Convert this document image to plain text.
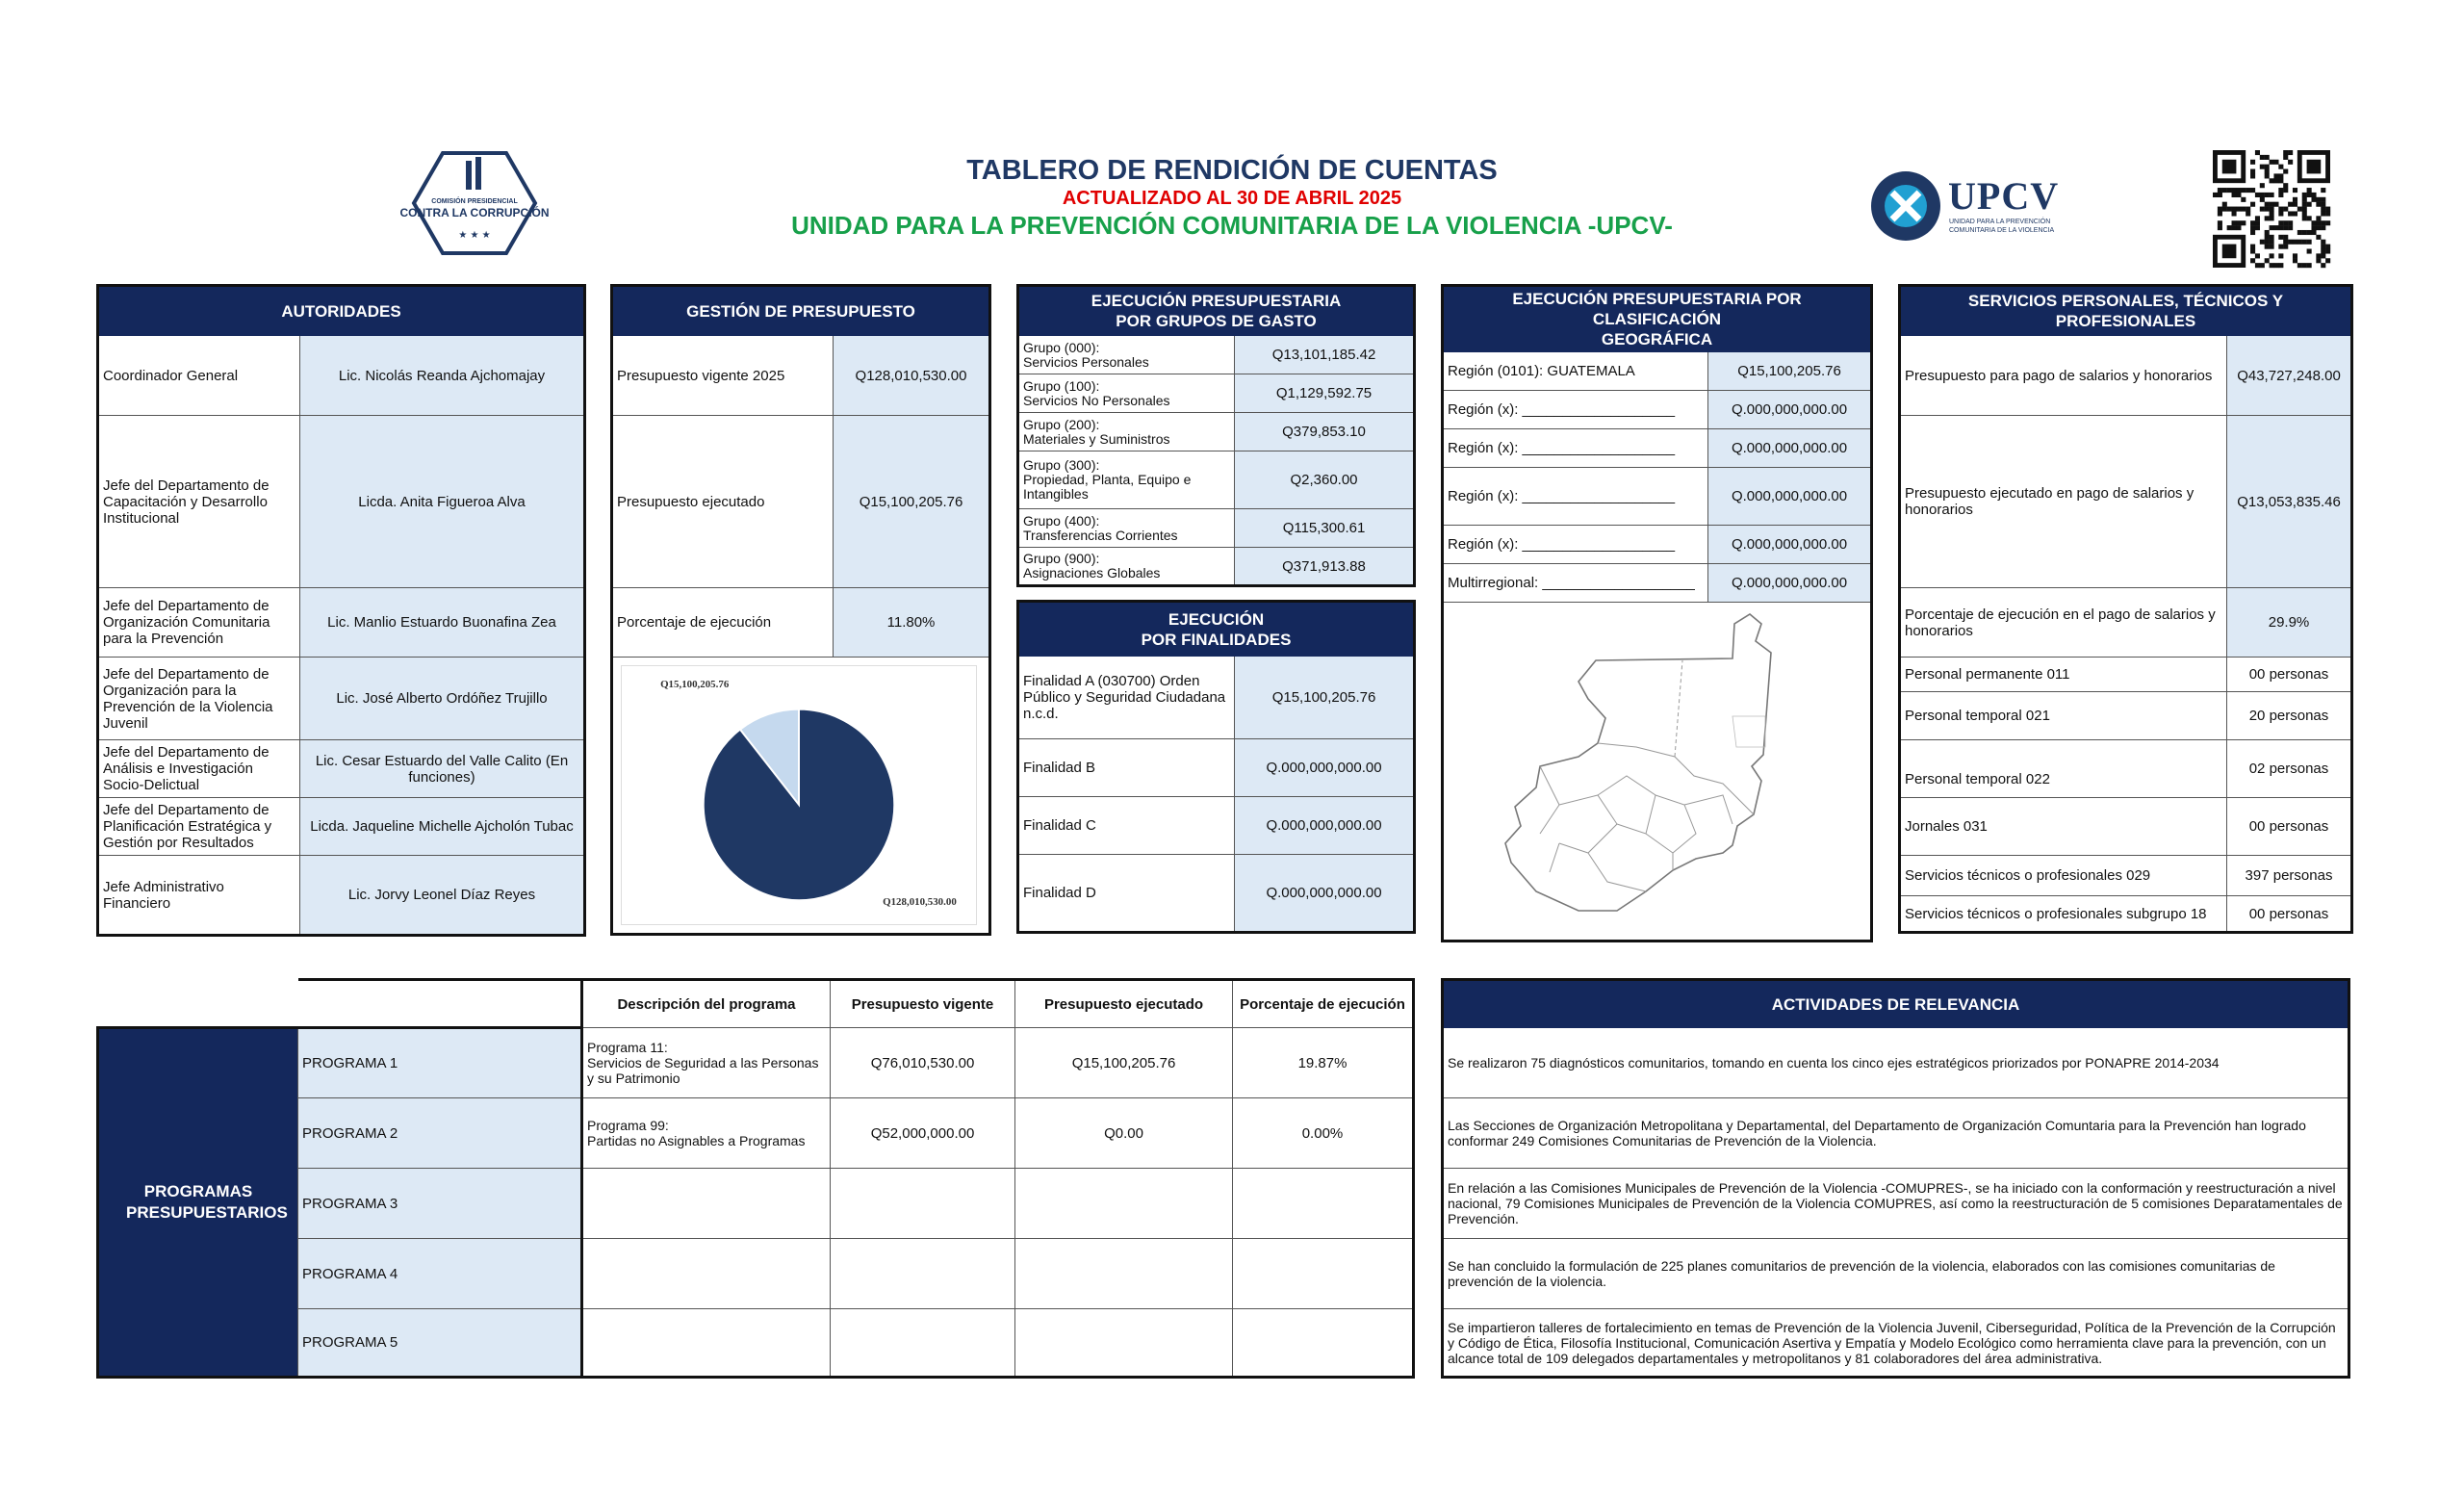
COMISIÓN PRESIDENCIAL
CONTRA LA CORRUPCIÓN
★ ★ ★
TABLERO DE RENDICIÓN DE CUENTAS
ACTUALIZADO AL 30 DE ABRIL 2025
UNIDAD PARA LA PREVENCIÓN COMUNITARIA DE LA VIOLENCIA -UPCV-
UPCV
UNIDAD PARA LA PREVENCIÓN COMUNITARIA DE LA VIOLENCIA
AUTORIDADES	
Coordinador General	Lic. Nicolás Reanda Ajchomajay
Jefe del Departamento de Capacitación y Desarrollo Institucional	Licda. Anita Figueroa Alva
Jefe del Departamento de Organización Comunitaria para la Prevención	Lic. Manlio Estuardo Buonafina Zea
Jefe del Departamento de Organización para la Prevención de la Violencia Juvenil	Lic. José Alberto Ordóñez Trujillo
Jefe del Departamento de Análisis e Investigación Socio-Delictual	Lic. Cesar Estuardo del Valle Calito (En funciones)
Jefe del Departamento de Planificación Estratégica y Gestión por Resultados	Licda. Jaqueline Michelle Ajcholón Tubac
Jefe Administrativo Financiero	Lic. Jorvy Leonel Díaz Reyes
GESTIÓN DE PRESUPUESTO	
Presupuesto vigente 2025	Q128,010,530.00
Presupuesto ejecutado	Q15,100,205.76
Porcentaje de ejecución	11.80%

Q15,100,205.76
Q128,010,530.00	
EJECUCIÓN PRESUPUESTARIA
POR GRUPOS DE GASTO	
Grupo (000):
Servicios Personales	Q13,101,185.42
Grupo (100):
Servicios No Personales	Q1,129,592.75
Grupo (200):
Materiales y Suministros	Q379,853.10
Grupo (300):
Propiedad, Planta, Equipo e Intangibles	Q2,360.00
Grupo (400):
Transferencias Corrientes	Q115,300.61
Grupo (900):
Asignaciones Globales	Q371,913.88
EJECUCIÓN
POR FINALIDADES	
Finalidad A (030700) Orden Público y Seguridad Ciudadana n.c.d.	Q15,100,205.76
Finalidad B	Q.000,000,000.00
Finalidad C	Q.000,000,000.00
Finalidad D	Q.000,000,000.00
EJECUCIÓN PRESUPUESTARIA POR CLASIFICACIÓN
GEOGRÁFICA	
Región (0101): GUATEMALA	Q15,100,205.76
Región (x): ___________________	Q.000,000,000.00
Región (x): ___________________	Q.000,000,000.00
Región (x): ___________________	Q.000,000,000.00
Región (x): ___________________	Q.000,000,000.00
Multirregional: ___________________	Q.000,000,000.00

SERVICIOS PERSONALES, TÉCNICOS Y
PROFESIONALES	
Presupuesto para pago de salarios y honorarios	Q43,727,248.00
Presupuesto ejecutado en pago de salarios y honorarios	Q13,053,835.46
Porcentaje de ejecución en el pago de salarios y honorarios	29.9%
Personal permanente 011	00 personas
Personal temporal 021	20 personas
Personal temporal 022	02 personas
Jornales 031	00 personas
Servicios técnicos o profesionales 029	397 personas
Servicios técnicos o profesionales subgrupo 18	00 personas
PROGRAMAS PRESUPUESTARIOS
	Descripción del programa	Presupuesto vigente	Presupuesto ejecutado	Porcentaje de ejecución
PROGRAMA 1	Programa 11:
Servicios de Seguridad a las Personas y su Patrimonio	Q76,010,530.00	Q15,100,205.76	19.87%
PROGRAMA 2	Programa 99:
Partidas no Asignables a Programas	Q52,000,000.00	Q0.00	0.00%
PROGRAMA 3				
PROGRAMA 4				
PROGRAMA 5				
ACTIVIDADES DE RELEVANCIA
Se realizaron 75 diagnósticos comunitarios, tomando en cuenta los cinco ejes estratégicos priorizados por PONAPRE 2014-2034
Las Secciones de Organización Metropolitana y Departamental, del Departamento de Organización Comuntaria para la Prevención han logrado conformar 249 Comisiones Comunitarias de Prevención de la Violencia.
En relación a las Comisiones Municipales de Prevención de la Violencia -COMUPRES-, se ha iniciado con la conformación y reestructuración a nivel nacional, 79 Comisiones Municipales de Prevención de la Violencia COMUPRES, así como la reestructuración de 5 comisiones Deparatamentales de Prevención.
Se han concluido la formulación de 225 planes comunitarios de prevención de la violencia, elaborados con las comisiones comunitarias de prevención de la violencia.
Se impartieron talleres de fortalecimiento en temas de Prevención de la Violencia Juvenil, Ciberseguridad, Política de la Prevención de la Corrupción y Código de Ética, Filosofía Institucional, Comunicación Asertiva y Empatía y Modelo Ecológico como herramienta clave para la prevención, con un alcance total de 109 delegados departamentales y metropolitanos y 81 colaboradores del área administrativa.
